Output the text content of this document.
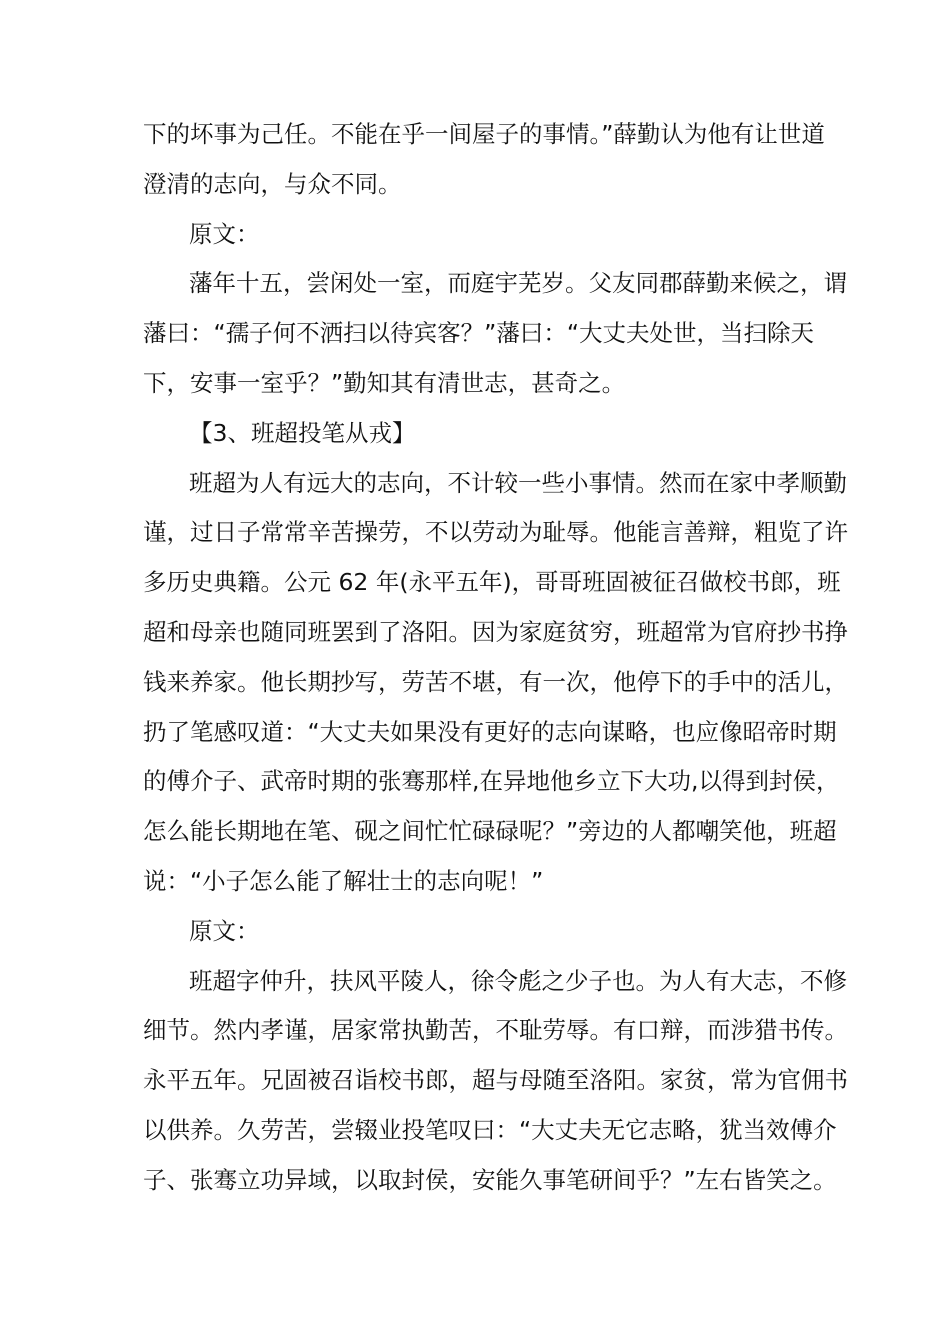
下的坏事为己任。不能在乎一间屋子的事情。”薛勤认为他有让世道
澄清的志向，与众不同。
原文：
藩年十五，尝闲处一室，而庭宇芜岁。父友同郡薛勤来候之，谓
藩曰：“孺子何不洒扫以待宾客？”藩曰：“大丈夫处世，当扫除天
下，安事一室乎？”勤知其有清世志，甚奇之。
【3、班超投笔从戎】
班超为人有远大的志向，不计较一些小事情。然而在家中孝顺勤
谨，过日子常常辛苦操劳，不以劳动为耻辱。他能言善辩，粗览了许
多历史典籍。公元 62 年(永平五年)，哥哥班固被征召做校书郎，班
超和母亲也随同班罢到了洛阳。因为家庭贫穷，班超常为官府抄书挣
钱来养家。他长期抄写，劳苦不堪，有一次，他停下的手中的活儿，
扔了笔感叹道：“大丈夫如果没有更好的志向谋略，也应像昭帝时期
的傅介子、武帝时期的张骞那样,在异地他乡立下大功,以得到封侯，
怎么能长期地在笔、砚之间忙忙碌碌呢？”旁边的人都嘲笑他，班超
说：“小子怎么能了解壮士的志向呢！”
原文：
班超字仲升，扶风平陵人，徐令彪之少子也。为人有大志，不修
细节。然内孝谨，居家常执勤苦，不耻劳辱。有口辩，而涉猎书传。
永平五年。兄固被召诣校书郎，超与母随至洛阳。家贫，常为官佣书
以供养。久劳苦，尝辍业投笔叹曰：“大丈夫无它志略，犹当效傅介
子、张骞立功异域，以取封侯，安能久事笔研间乎？”左右皆笑之。
